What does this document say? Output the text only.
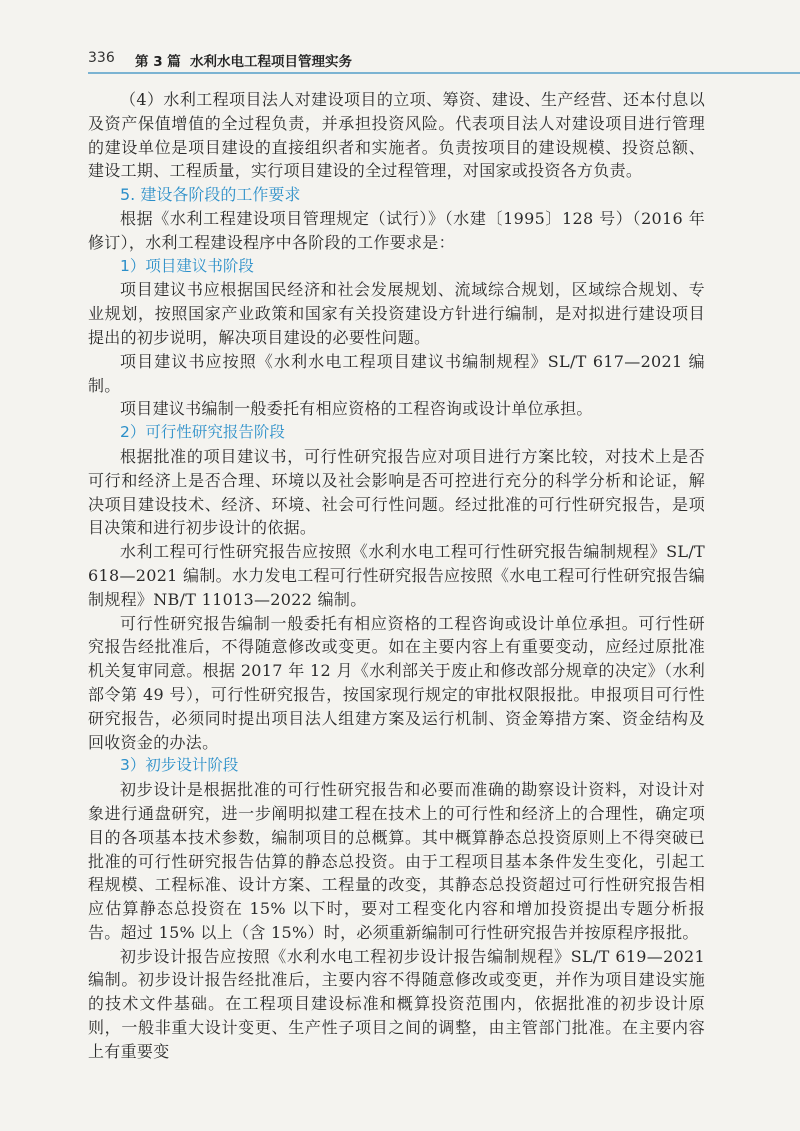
336 第 3 篇 水利水电工程项目管理实务

（4）水利工程项目法人对建设项目的立项、筹资、建设、生产经营、还本付息以及资产保值增值的全过程负责，并承担投资风险。代表项目法人对建设项目进行管理的建设单位是项目建设的直接组织者和实施者。负责按项目的建设规模、投资总额、建设工期、工程质量，实行项目建设的全过程管理，对国家或投资各方负责。

5. 建设各阶段的工作要求

根据《水利工程建设项目管理规定（试行）》（水建〔1995〕128 号）（2016 年修订），水利工程建设程序中各阶段的工作要求是：

1）项目建议书阶段

项目建议书应根据国民经济和社会发展规划、流域综合规划，区域综合规划、专业规划，按照国家产业政策和国家有关投资建设方针进行编制，是对拟进行建设项目提出的初步说明，解决项目建设的必要性问题。

项目建议书应按照《水利水电工程项目建议书编制规程》SL/T 617—2021 编制。

项目建议书编制一般委托有相应资格的工程咨询或设计单位承担。

2）可行性研究报告阶段

根据批准的项目建议书，可行性研究报告应对项目进行方案比较，对技术上是否可行和经济上是否合理、环境以及社会影响是否可控进行充分的科学分析和论证，解决项目建设技术、经济、环境、社会可行性问题。经过批准的可行性研究报告，是项目决策和进行初步设计的依据。

水利工程可行性研究报告应按照《水利水电工程可行性研究报告编制规程》SL/T 618—2021 编制。水力发电工程可行性研究报告应按照《水电工程可行性研究报告编制规程》NB/T 11013—2022 编制。

可行性研究报告编制一般委托有相应资格的工程咨询或设计单位承担。可行性研究报告经批准后，不得随意修改或变更。如在主要内容上有重要变动，应经过原批准机关复审同意。根据 2017 年 12 月《水利部关于废止和修改部分规章的决定》（水利部令第 49 号），可行性研究报告，按国家现行规定的审批权限报批。申报项目可行性研究报告，必须同时提出项目法人组建方案及运行机制、资金筹措方案、资金结构及回收资金的办法。

3）初步设计阶段

初步设计是根据批准的可行性研究报告和必要而准确的勘察设计资料，对设计对象进行通盘研究，进一步阐明拟建工程在技术上的可行性和经济上的合理性，确定项目的各项基本技术参数，编制项目的总概算。其中概算静态总投资原则上不得突破已批准的可行性研究报告估算的静态总投资。由于工程项目基本条件发生变化，引起工程规模、工程标准、设计方案、工程量的改变，其静态总投资超过可行性研究报告相应估算静态总投资在 15% 以下时，要对工程变化内容和增加投资提出专题分析报告。超过 15% 以上（含 15%）时，必须重新编制可行性研究报告并按原程序报批。

初步设计报告应按照《水利水电工程初步设计报告编制规程》SL/T 619—2021 编制。初步设计报告经批准后，主要内容不得随意修改或变更，并作为项目建设实施的技术文件基础。在工程项目建设标准和概算投资范围内，依据批准的初步设计原则，一般非重大设计变更、生产性子项目之间的调整，由主管部门批准。在主要内容上有重要变
